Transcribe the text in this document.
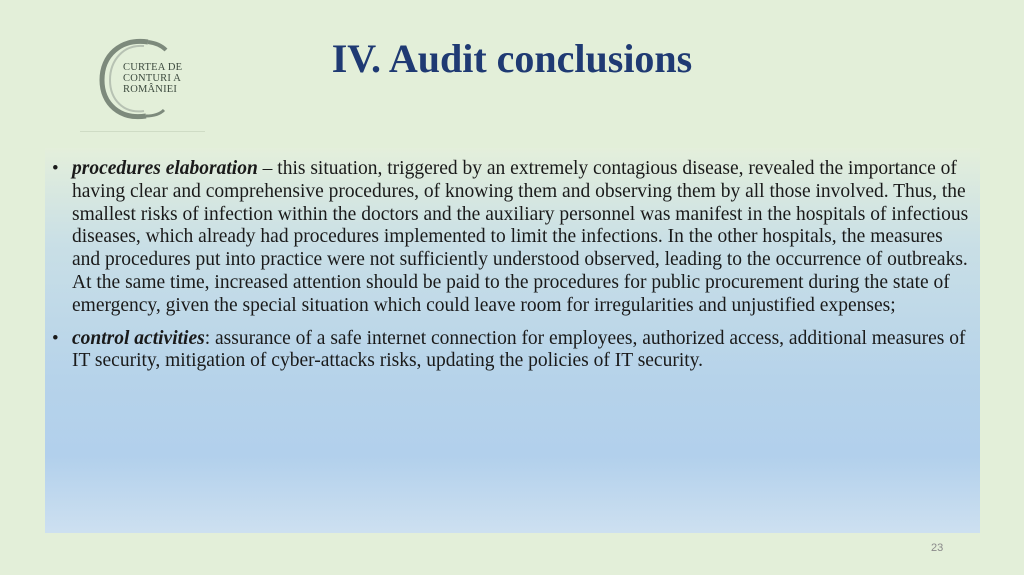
CURTEA DE
CONTURI A
ROMÂNIEI
IV. Audit conclusions
• procedures elaboration – this situation, triggered by an extremely contagious disease, revealed the importance of having clear and comprehensive procedures, of knowing them and observing them by all those involved. Thus, the smallest risks of infection within the doctors and the auxiliary personnel was manifest in the hospitals of infectious diseases, which already had procedures implemented to limit the infections. In the other hospitals, the measures and procedures put into practice were not sufficiently understood observed, leading to the occurrence of outbreaks. At the same time, increased attention should be paid to the procedures for public procurement during the state of emergency, given the special situation which could leave room for irregularities and unjustified expenses;
• control activities: assurance of a safe internet connection for employees, authorized access, additional measures of IT security, mitigation of cyber-attacks risks, updating the policies of IT security.
23
